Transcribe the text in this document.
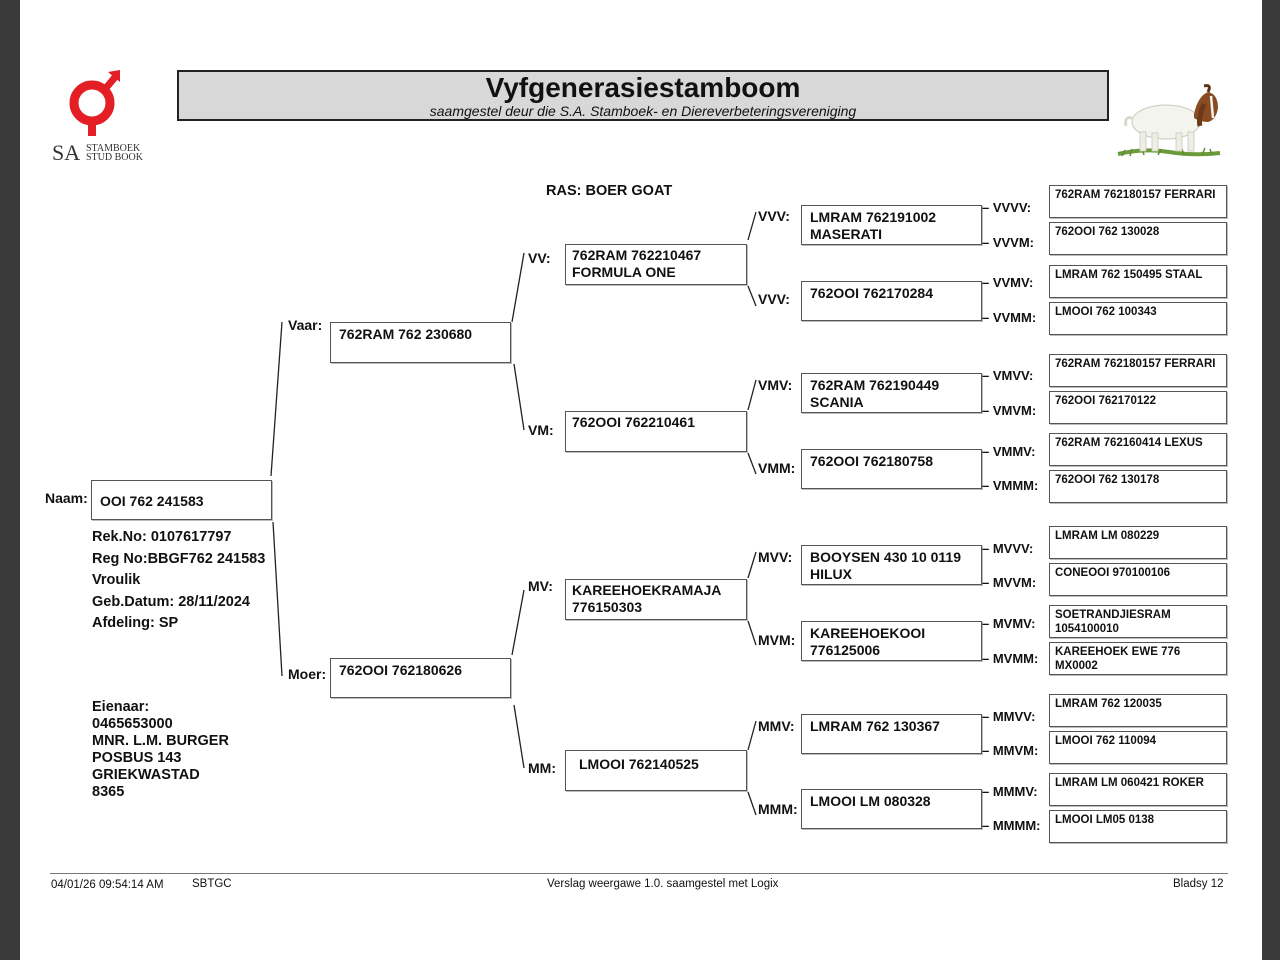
SA STAMBOEK
STUD BOOK
Vyfgenerasiestamboom
saamgestel deur die S.A. Stamboek- en Diereverbeteringsvereniging
RAS: BOER GOAT
Naam: OOI 762 241583
Rek.No: 0107617797
Reg No:BBGF762 241583
Vroulik
Geb.Datum: 28/11/2024
Afdeling: SP
Eienaar:
0465653000
MNR. L.M. BURGER
POSBUS 143
GRIEKWASTAD
8365
Vaar:
762RAM 762 230680
Moer: 762OOI 762180626
VV: 762RAM 762210467
FORMULA ONE
VM: 762OOI 762210461
MV: KAREEHOEKRAMAJA
776150303
MM: LMOOI 762140525
VVV: LMRAM 762191002
MASERATI
VVV: 762OOI 762170284
VMV: 762RAM 762190449
SCANIA
VMM: 762OOI 762180758
MVV: BOOYSEN 430 10 0119
HILUX
MVM: KAREEHOEKOOI
776125006
MMV: LMRAM 762 130367
MMM: LMOOI LM 080328
– VVVV:
762RAM 762180157 FERRARI
– VVVM:
762OOI 762 130028
– VVMV: LMRAM 762 150495 STAAL
– VVMM: LMOOI 762 100343
– VMVV:
762RAM 762180157 FERRARI
– VMVM:
762OOI 762170122
– VMMV:
762RAM 762160414 LEXUS
– VMMM: 762OOI 762 130178
– MVVV:
LMRAM LM 080229
– MVVM:
CONEOOI 970100106
– MVMV:
SOETRANDJIESRAM
1054100010
– MVMM: KAREEHOEK EWE 776
MX0002
– MMVV:
LMRAM 762 120035
– MMVM:
LMOOI 762 110094
– MMMV:
LMRAM LM 060421 ROKER
– MMMM: LMOOI LM05 0138
04/01/26 09:54:14 AM SBTGC	Verslag weergawe 1.0. saamgestel met Logix	Bladsy 12
